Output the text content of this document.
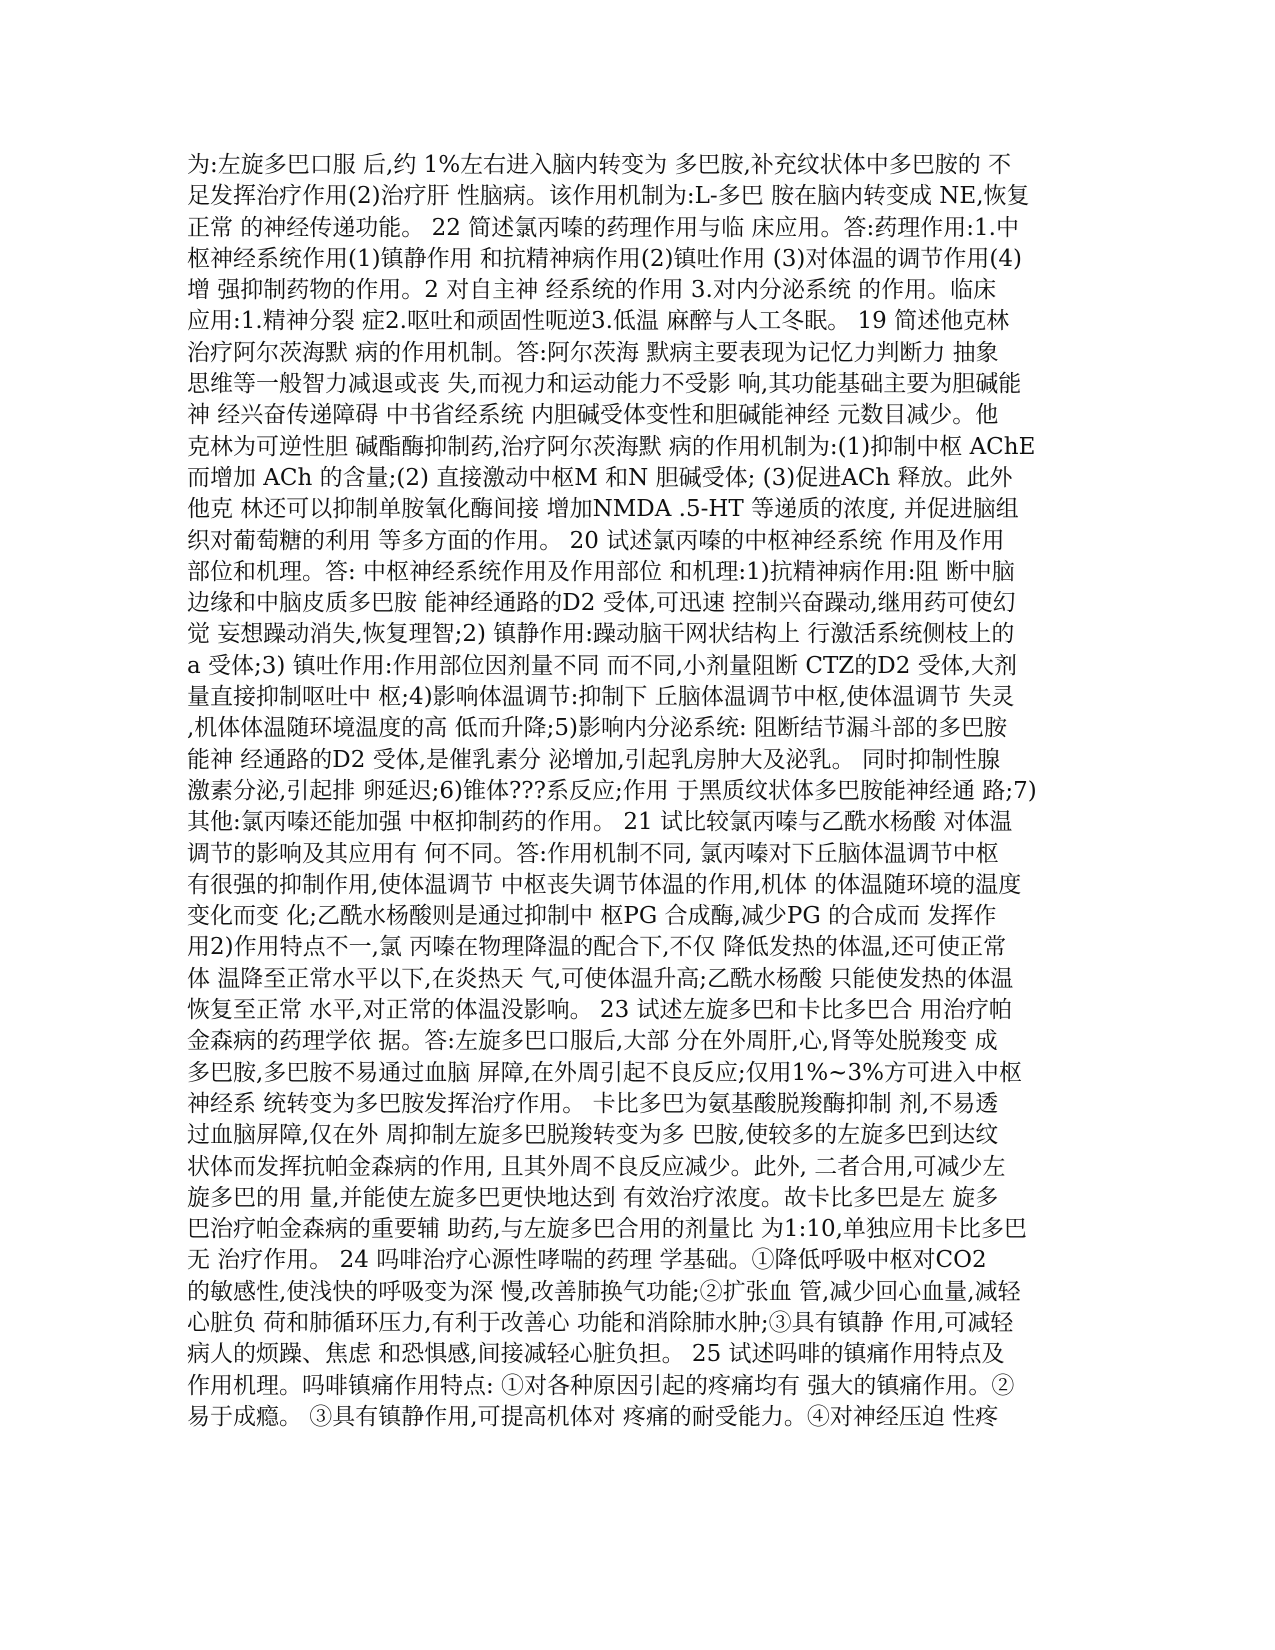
为:左旋多巴口服 后,约 1%左右进入脑内转变为 多巴胺,补充纹状体中多巴胺的 不
足发挥治疗作用(2)治疗肝 性脑病。该作用机制为:L-多巴 胺在脑内转变成 NE,恢复
正常 的神经传递功能。 22 简述氯丙嗪的药理作用与临 床应用。答:药理作用:1.中
枢神经系统作用(1)镇静作用 和抗精神病作用(2)镇吐作用 (3)对体温的调节作用(4)
增 强抑制药物的作用。2 对自主神 经系统的作用 3.对内分泌系统 的作用。临床
应用:1.精神分裂 症2.呕吐和顽固性呃逆3.低温 麻醉与人工冬眠。 19 简述他克林
治疗阿尔茨海默 病的作用机制。答:阿尔茨海 默病主要表现为记忆力判断力 抽象
思维等一般智力减退或丧 失,而视力和运动能力不受影 响,其功能基础主要为胆碱能
神 经兴奋传递障碍 中书省经系统 内胆碱受体变性和胆碱能神经 元数目减少。他
克林为可逆性胆 碱酯酶抑制药,治疗阿尔茨海默 病的作用机制为:(1)抑制中枢 AChE
而增加 ACh 的含量;(2) 直接激动中枢M 和N 胆碱受体; (3)促进ACh 释放。此外
他克 林还可以抑制单胺氧化酶间接 增加NMDA .5-HT 等递质的浓度, 并促进脑组
织对葡萄糖的利用 等多方面的作用。 20 试述氯丙嗪的中枢神经系统 作用及作用
部位和机理。答: 中枢神经系统作用及作用部位 和机理:1)抗精神病作用:阻 断中脑
边缘和中脑皮质多巴胺 能神经通路的D2 受体,可迅速 控制兴奋躁动,继用药可使幻
觉 妄想躁动消失,恢复理智;2) 镇静作用:躁动脑干网状结构上 行激活系统侧枝上的
a 受体;3) 镇吐作用:作用部位因剂量不同 而不同,小剂量阻断 CTZ的D2 受体,大剂
量直接抑制呕吐中 枢;4)影响体温调节:抑制下 丘脑体温调节中枢,使体温调节 失灵
,机体体温随环境温度的高 低而升降;5)影响内分泌系统: 阻断结节漏斗部的多巴胺
能神 经通路的D2 受体,是催乳素分 泌增加,引起乳房肿大及泌乳。 同时抑制性腺
激素分泌,引起排 卵延迟;6)锥体???系反应;作用 于黑质纹状体多巴胺能神经通 路;7)
其他:氯丙嗪还能加强 中枢抑制药的作用。 21 试比较氯丙嗪与乙酰水杨酸 对体温
调节的影响及其应用有 何不同。答:作用机制不同, 氯丙嗪对下丘脑体温调节中枢
有很强的抑制作用,使体温调节 中枢丧失调节体温的作用,机体 的体温随环境的温度
变化而变 化;乙酰水杨酸则是通过抑制中 枢PG 合成酶,减少PG 的合成而 发挥作
用2)作用特点不一,氯 丙嗪在物理降温的配合下,不仅 降低发热的体温,还可使正常
体 温降至正常水平以下,在炎热天 气,可使体温升高;乙酰水杨酸 只能使发热的体温
恢复至正常 水平,对正常的体温没影响。 23 试述左旋多巴和卡比多巴合 用治疗帕
金森病的药理学依 据。答:左旋多巴口服后,大部 分在外周肝,心,肾等处脱羧变 成
多巴胺,多巴胺不易通过血脑 屏障,在外周引起不良反应;仅用1%~3%方可进入中枢
神经系 统转变为多巴胺发挥治疗作用。 卡比多巴为氨基酸脱羧酶抑制 剂,不易透
过血脑屏障,仅在外 周抑制左旋多巴脱羧转变为多 巴胺,使较多的左旋多巴到达纹
状体而发挥抗帕金森病的作用, 且其外周不良反应减少。此外, 二者合用,可减少左
旋多巴的用 量,并能使左旋多巴更快地达到 有效治疗浓度。故卡比多巴是左 旋多
巴治疗帕金森病的重要辅 助药,与左旋多巴合用的剂量比 为1:10,单独应用卡比多巴
无 治疗作用。 24 吗啡治疗心源性哮喘的药理 学基础。①降低呼吸中枢对CO2
的敏感性,使浅快的呼吸变为深 慢,改善肺换气功能;②扩张血 管,减少回心血量,减轻
心脏负 荷和肺循环压力,有利于改善心 功能和消除肺水肿;③具有镇静 作用,可减轻
病人的烦躁、焦虑 和恐惧感,间接减轻心脏负担。 25 试述吗啡的镇痛作用特点及
作用机理。吗啡镇痛作用特点: ①对各种原因引起的疼痛均有 强大的镇痛作用。②
易于成瘾。 ③具有镇静作用,可提高机体对 疼痛的耐受能力。④对神经压迫 性疼
